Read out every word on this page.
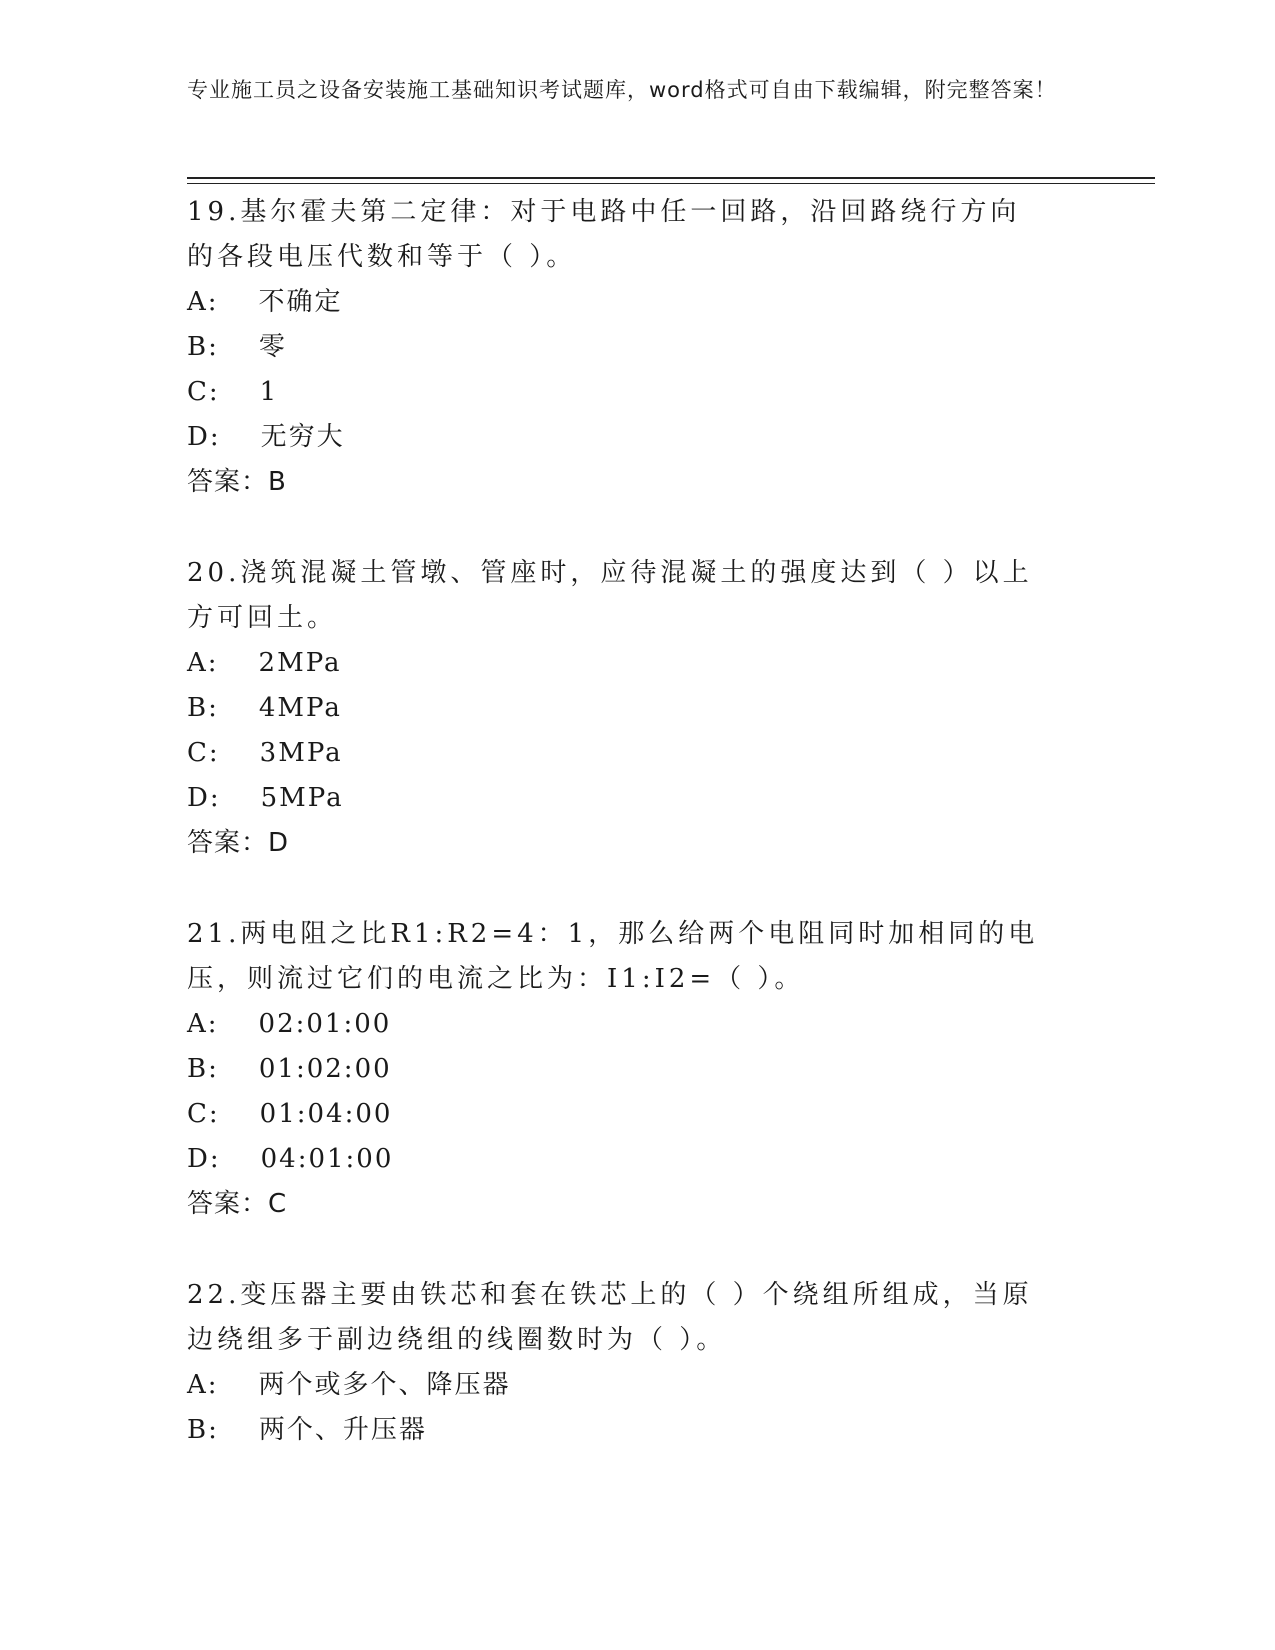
专业施工员之设备安装施工基础知识考试题库，word格式可自由下载编辑，附完整答案！

19.基尔霍夫第二定律：对于电路中任一回路，沿回路绕行方向的各段电压代数和等于（ ）。

A: 不确定

B: 零

C: 1

D: 无穷大

答案：B

20.浇筑混凝土管墩、管座时，应待混凝土的强度达到（ ）以上方可回土。

A: 2MPa

B: 4MPa

C: 3MPa

D: 5MPa

答案：D

21.两电阻之比R1:R2=4：1，那么给两个电阻同时加相同的电压，则流过它们的电流之比为：I1:I2=（ ）。

A: 02:01:00

B: 01:02:00

C: 01:04:00

D: 04:01:00

答案：C

22.变压器主要由铁芯和套在铁芯上的（ ）个绕组所组成，当原边绕组多于副边绕组的线圈数时为（ ）。

A: 两个或多个、降压器

B: 两个、升压器
